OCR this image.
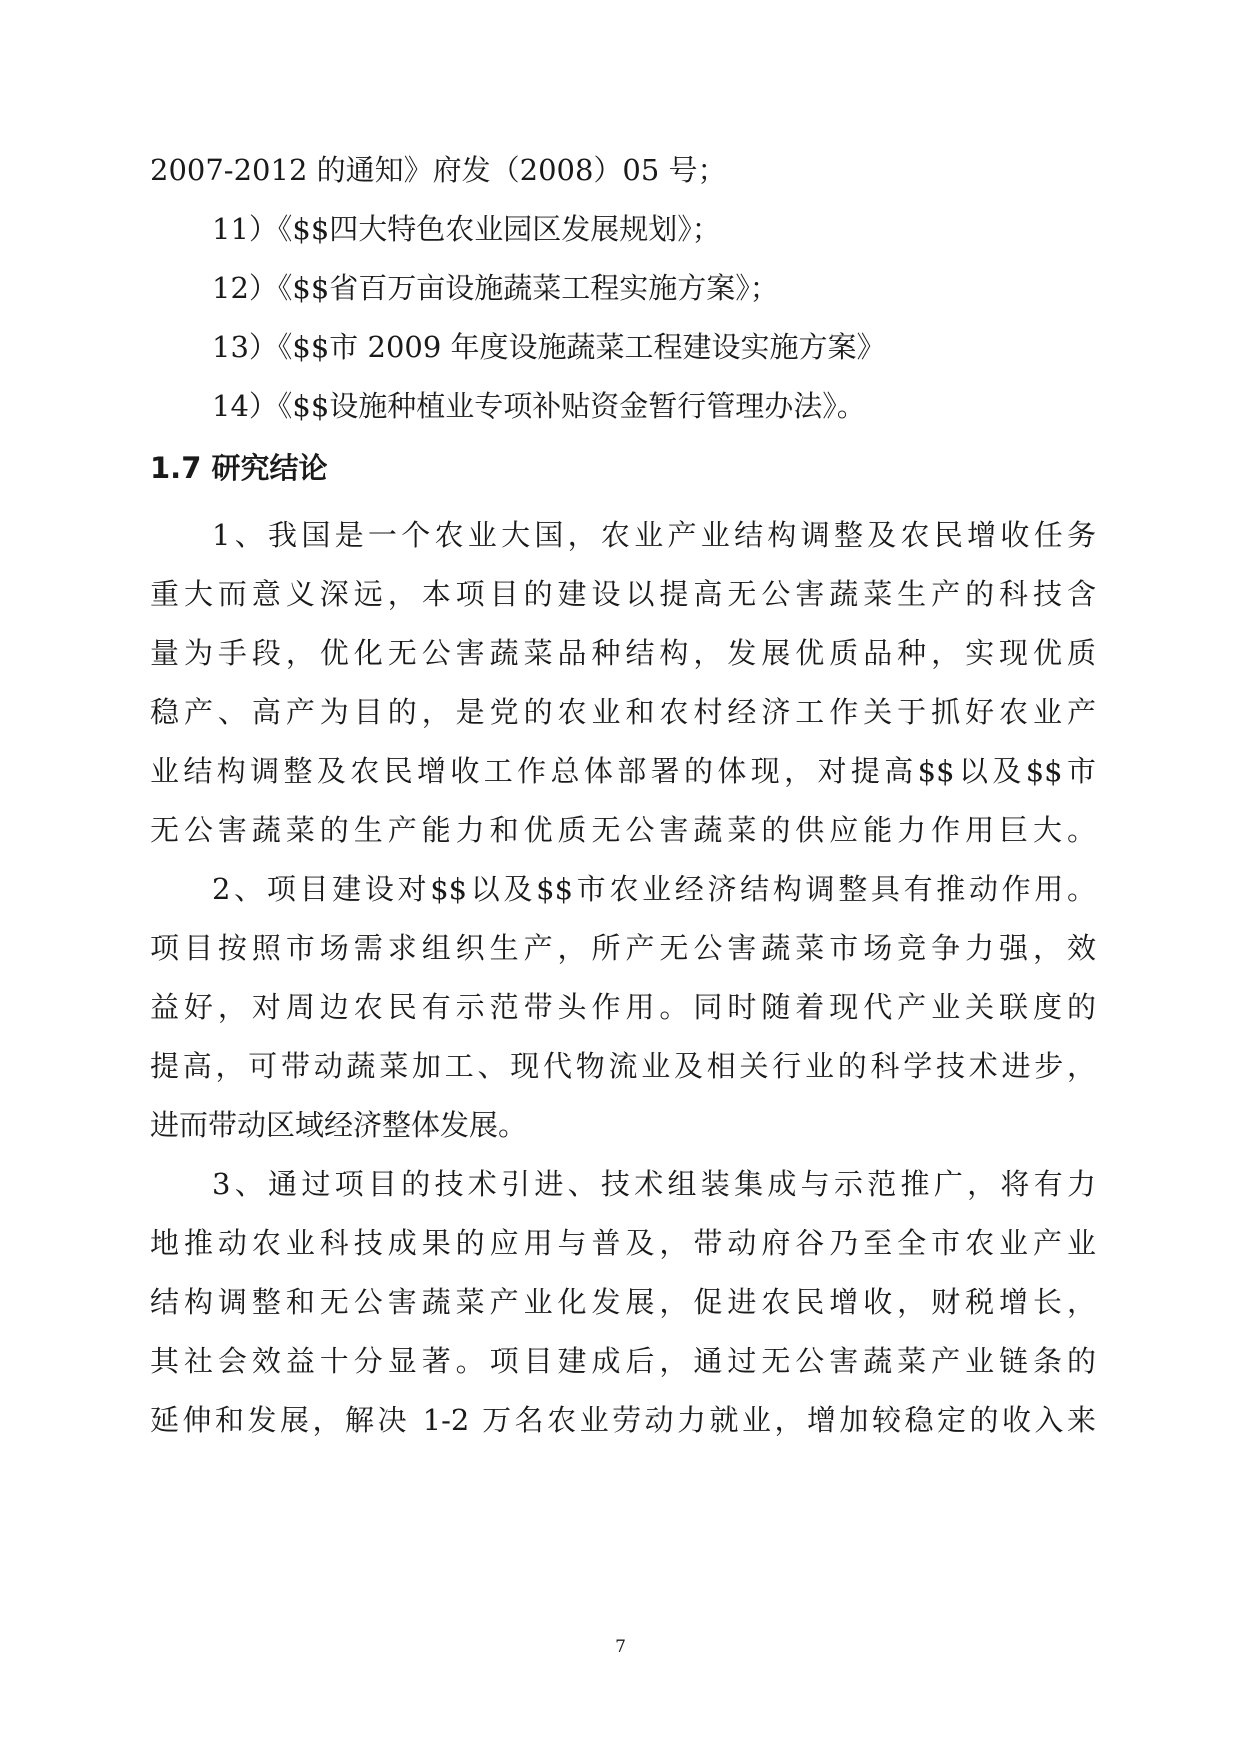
2007-2012 的通知》府发（2008）05 号；
11）《$$四大特色农业园区发展规划》；
12）《$$省百万亩设施蔬菜工程实施方案》；
13）《$$市 2009 年度设施蔬菜工程建设实施方案》
14）《$$设施种植业专项补贴资金暂行管理办法》。
1.7 研究结论
1、我国是一个农业大国，农业产业结构调整及农民增收任务
重大而意义深远，本项目的建设以提高无公害蔬菜生产的科技含
量为手段，优化无公害蔬菜品种结构，发展优质品种，实现优质
稳产、高产为目的，是党的农业和农村经济工作关于抓好农业产
业结构调整及农民增收工作总体部署的体现，对提高$$以及$$市
无公害蔬菜的生产能力和优质无公害蔬菜的供应能力作用巨大。
2、项目建设对$$以及$$市农业经济结构调整具有推动作用。
项目按照市场需求组织生产，所产无公害蔬菜市场竞争力强，效
益好，对周边农民有示范带头作用。同时随着现代产业关联度的
提高，可带动蔬菜加工、现代物流业及相关行业的科学技术进步，
进而带动区域经济整体发展。
3、通过项目的技术引进、技术组装集成与示范推广，将有力
地推动农业科技成果的应用与普及，带动府谷乃至全市农业产业
结构调整和无公害蔬菜产业化发展，促进农民增收，财税增长，
其社会效益十分显著。项目建成后，通过无公害蔬菜产业链条的
延伸和发展，解决 1-2 万名农业劳动力就业，增加较稳定的收入来
7
